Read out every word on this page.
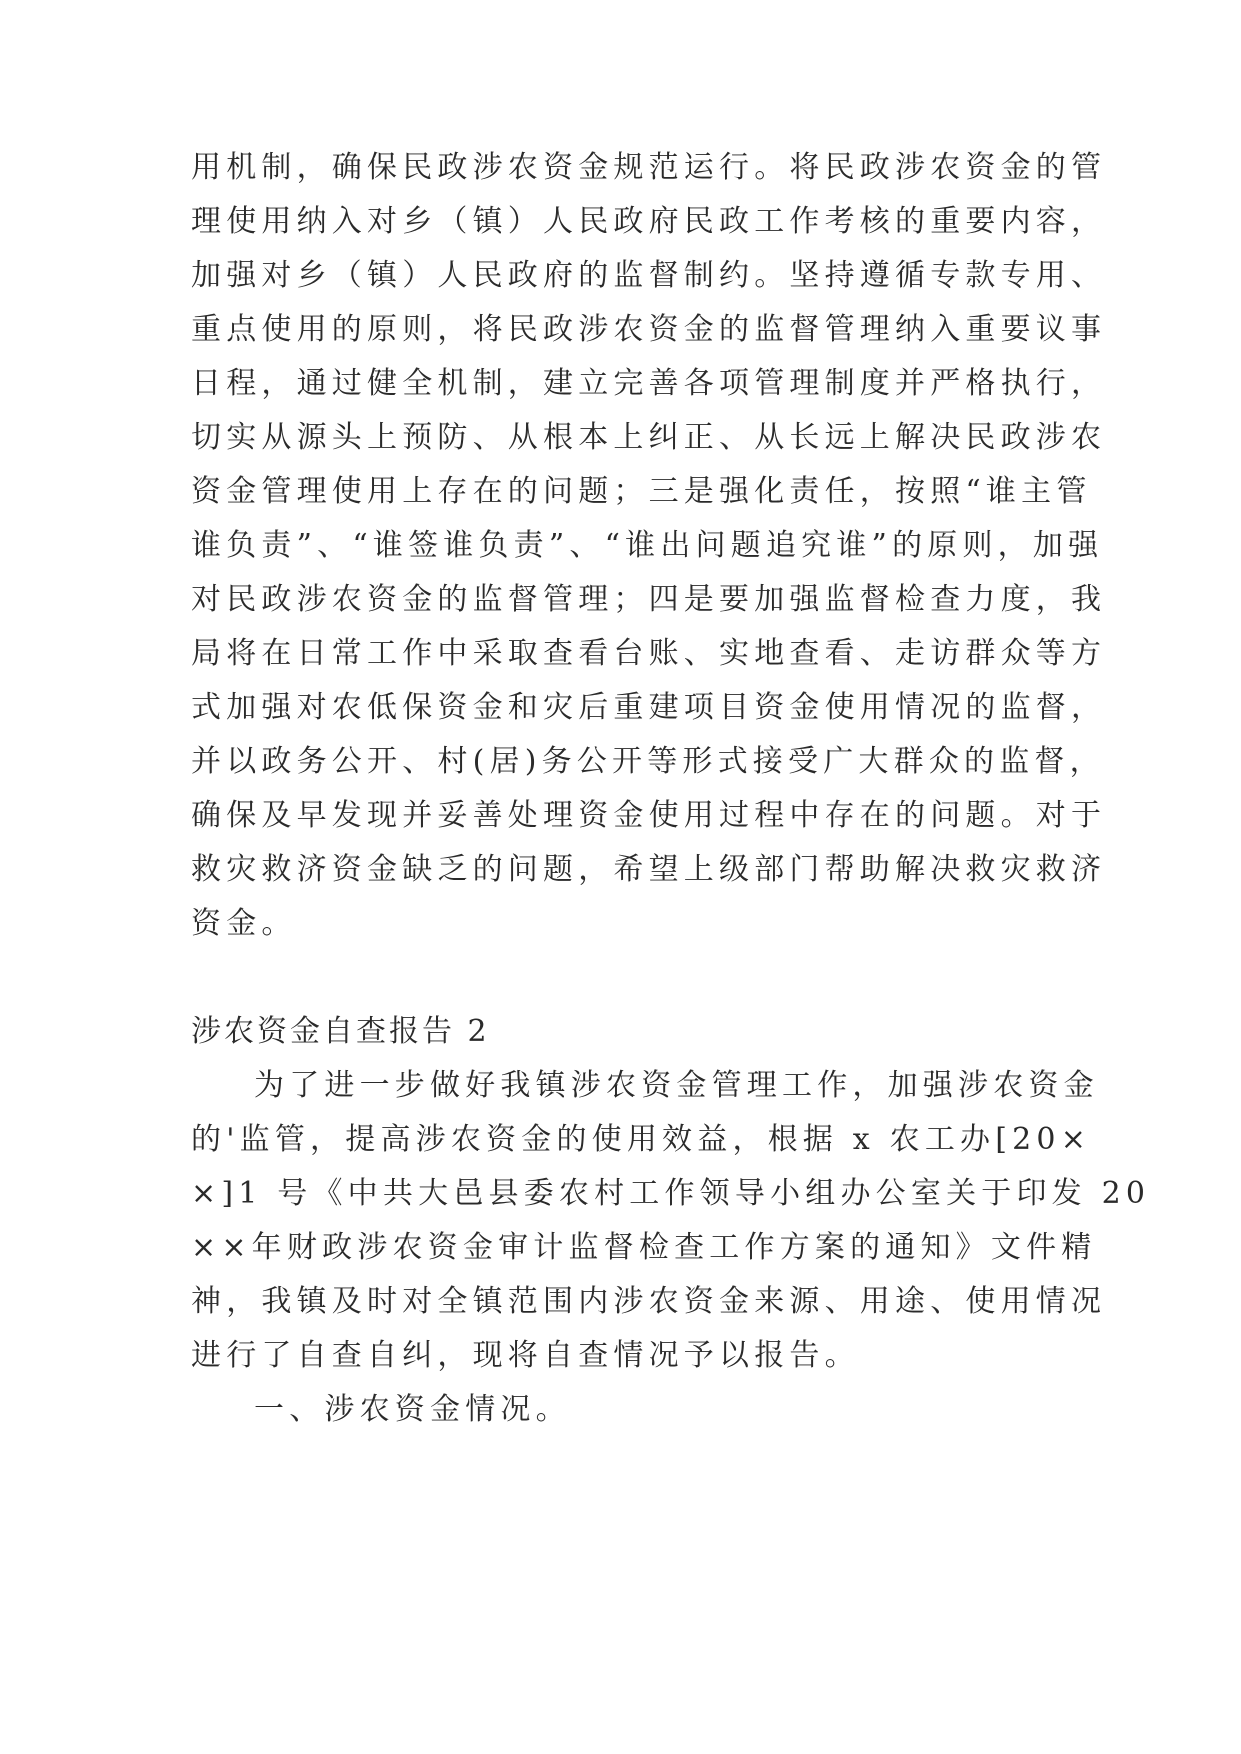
用机制，确保民政涉农资金规范运行。将民政涉农资金的管
理使用纳入对乡（镇）人民政府民政工作考核的重要内容，
加强对乡（镇）人民政府的监督制约。坚持遵循专款专用、
重点使用的原则，将民政涉农资金的监督管理纳入重要议事
日程，通过健全机制，建立完善各项管理制度并严格执行，
切实从源头上预防、从根本上纠正、从长远上解决民政涉农
资金管理使用上存在的问题；三是强化责任，按照“谁主管
谁负责”、“谁签谁负责”、“谁出问题追究谁”的原则，加强
对民政涉农资金的监督管理；四是要加强监督检查力度，我
局将在日常工作中采取查看台账、实地查看、走访群众等方
式加强对农低保资金和灾后重建项目资金使用情况的监督，
并以政务公开、村(居)务公开等形式接受广大群众的监督，
确保及早发现并妥善处理资金使用过程中存在的问题。对于
救灾救济资金缺乏的问题，希望上级部门帮助解决救灾救济
资金。
涉农资金自查报告 2
为了进一步做好我镇涉农资金管理工作，加强涉农资金
的'监管，提高涉农资金的使用效益，根据 x 农工办[20×
×]1 号《中共大邑县委农村工作领导小组办公室关于印发 20
××年财政涉农资金审计监督检查工作方案的通知》文件精
神，我镇及时对全镇范围内涉农资金来源、用途、使用情况
进行了自查自纠，现将自查情况予以报告。
一、涉农资金情况。
